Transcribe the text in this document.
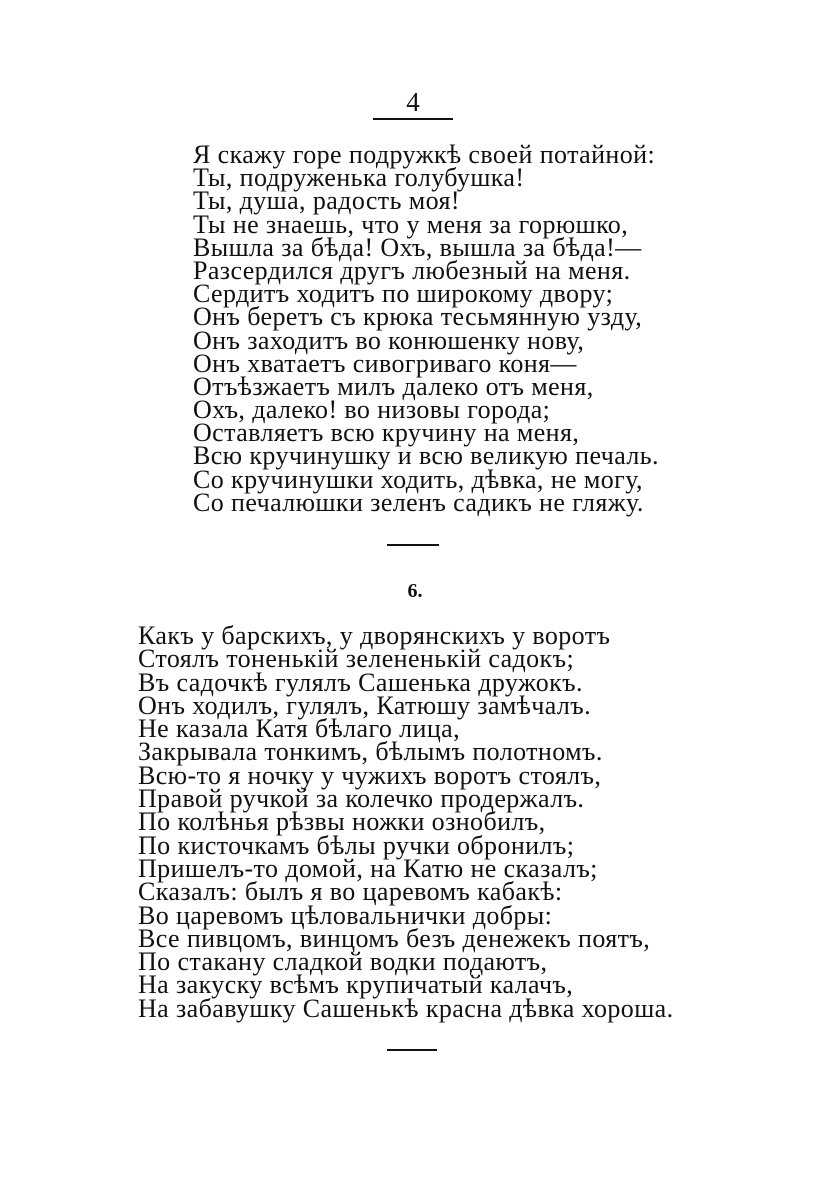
4
Я скажу горе подружкѣ своей потайной:
Ты, подруженька голубушка!
Ты, душа, радость моя!
Ты не знаешь, что у меня за горюшко,
Вышла за бѣда! Охъ, вышла за бѣда!—
Разсердился другъ любезный на меня.
Сердитъ ходитъ по широкому двору;
Онъ беретъ съ крюка тесьмянную узду,
Онъ заходитъ во конюшенку нову,
Онъ хватаетъ сивогриваго коня—
Отъѣзжаетъ милъ далеко отъ меня,
Охъ, далеко! во низовы города;
Оставляетъ всю кручину на меня,
Всю кручинушку и всю великую печаль.
Со кручинушки ходить, дѣвка, не могу,
Со печалюшки зеленъ садикъ не гляжу.
6.
Какъ у барскихъ, у дворянскихъ у воротъ
Стоялъ тоненькій зелененькій садокъ;
Въ садочкѣ гулялъ Сашенька дружокъ.
Онъ ходилъ, гулялъ, Катюшу замѣчалъ.
Не казала Катя бѣлаго лица,
Закрывала тонкимъ, бѣлымъ полотномъ.
Всю-то я ночку у чужихъ воротъ стоялъ,
Правой ручкой за колечко продержалъ.
По колѣнья рѣзвы ножки ознобилъ,
По кисточкамъ бѣлы ручки обронилъ;
Пришелъ-то домой, на Катю не сказалъ;
Сказалъ: былъ я во царевомъ кабакѣ:
Во царевомъ цѣловальнички добры:
Все пивцомъ, винцомъ безъ денежекъ поятъ,
По стакану сладкой водки подаютъ,
На закуску всѣмъ крупичатый калачъ,
На забавушку Сашенькѣ красна дѣвка хороша.
